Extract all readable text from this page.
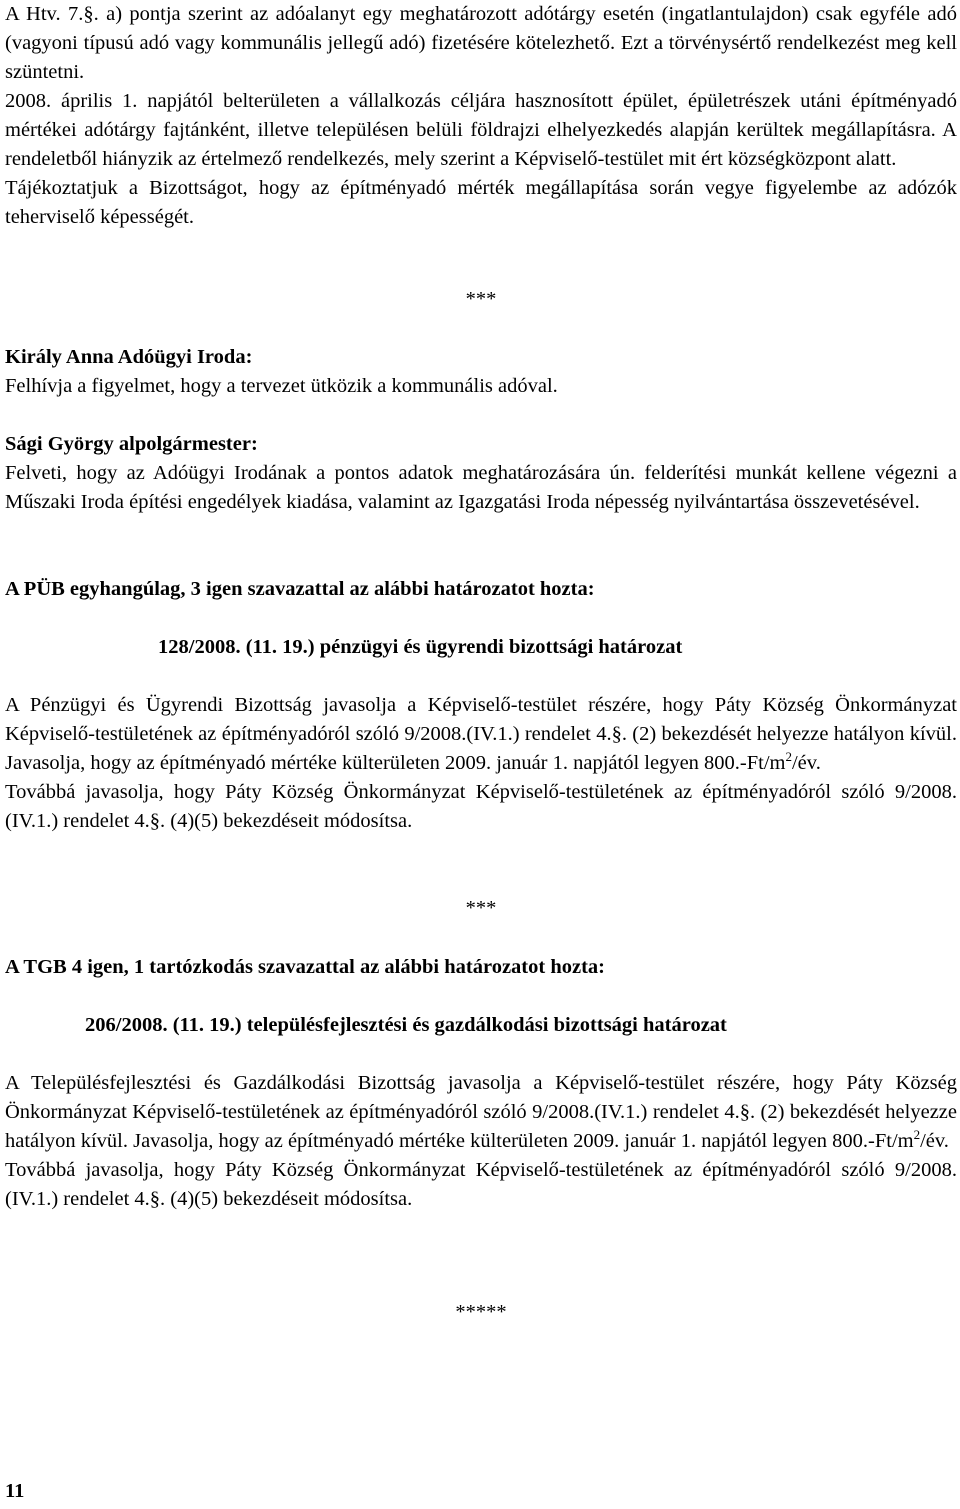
A Htv. 7.§. a) pontja szerint az adóalanyt egy meghatározott adótárgy esetén (ingatlantulajdon) csak egyféle adó (vagyoni típusú adó vagy kommunális jellegű adó) fizetésére kötelezhető. Ezt a törvénysértő rendelkezést meg kell szüntetni.

2008. április 1. napjától belterületen a vállalkozás céljára hasznosított épület, épületrészek utáni építményadó mértékei adótárgy fajtánként, illetve településen belüli földrajzi elhelyezkedés alapján kerültek megállapításra. A rendeletből hiányzik az értelmező rendelkezés, mely szerint a Képviselő-testület mit ért községközpont alatt.

Tájékoztatjuk a Bizottságot, hogy az építményadó mérték megállapítása során vegye figyelembe az adózók teherviselő képességét.

***

Király Anna Adóügyi Iroda:

Felhívja a figyelmet, hogy a tervezet ütközik a kommunális adóval.

Sági György alpolgármester:

Felveti, hogy az Adóügyi Irodának a pontos adatok meghatározására ún. felderítési munkát kellene végezni a Műszaki Iroda építési engedélyek kiadása, valamint az Igazgatási Iroda népesség nyilvántartása összevetésével.

A PÜB egyhangúlag, 3 igen szavazattal az alábbi határozatot hozta:

128/2008. (11. 19.) pénzügyi és ügyrendi bizottsági határozat

A Pénzügyi és Ügyrendi Bizottság javasolja a Képviselő-testület részére, hogy Páty Község Önkormányzat Képviselő-testületének az építményadóról szóló 9/2008.(IV.1.) rendelet 4.§. (2) bekezdését helyezze hatályon kívül. Javasolja, hogy az építményadó mértéke külterületen 2009. január 1. napjától legyen $800.-Ft/m^2/év$.

Továbbá javasolja, hogy Páty Község Önkormányzat Képviselő-testületének az építményadóról szóló 9/2008.(IV.1.) rendelet 4.§. (4)(5) bekezdéseit módosítsa.

***

A TGB 4 igen, 1 tartózkodás szavazattal az alábbi határozatot hozta:

206/2008. (11. 19.) településfejlesztési és gazdálkodási bizottsági határozat

A Településfejlesztési és Gazdálkodási Bizottság javasolja a Képviselő-testület részére, hogy Páty Község Önkormányzat Képviselő-testületének az építményadóról szóló 9/2008.(IV.1.) rendelet 4.§. (2) bekezdését helyezze hatályon kívül. Javasolja, hogy az építményadó mértéke külterületen 2009. január 1. napjától legyen $800.-Ft/m^2/év$.

Továbbá javasolja, hogy Páty Község Önkormányzat Képviselő-testületének az építményadóról szóló 9/2008.(IV.1.) rendelet 4.§. (4)(5) bekezdéseit módosítsa.

*****

11
